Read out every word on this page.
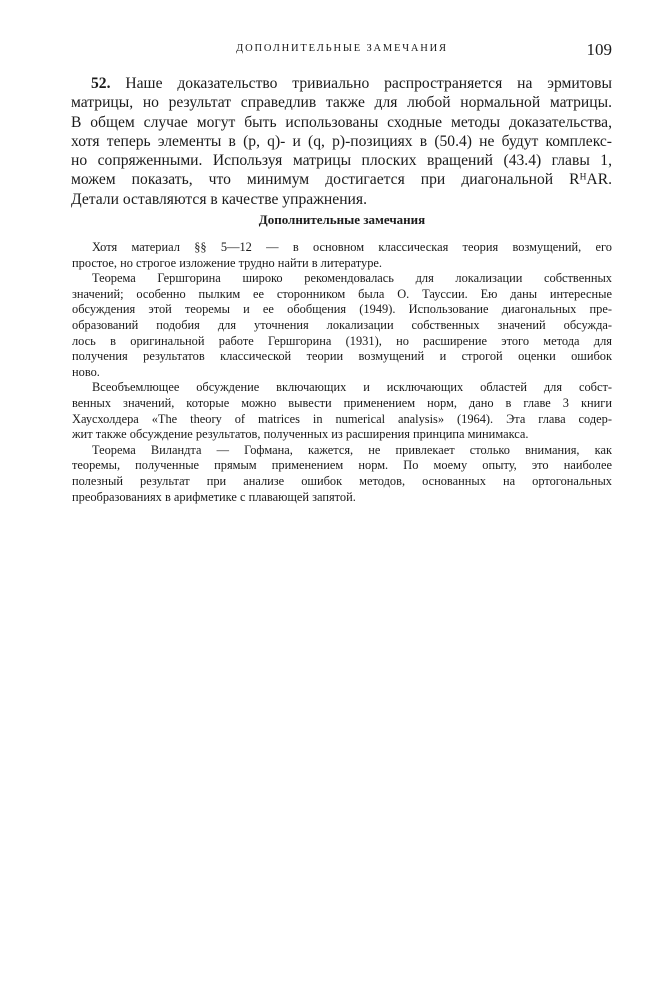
ДОПОЛНИТЕЛЬНЫЕ ЗАМЕЧАНИЯ	109
52. Наше доказательство тривиально распространяется на эрмитовы
матрицы, но результат справедлив также для любой нормальной матрицы.
В общем случае могут быть использованы сходные методы доказательства,
хотя теперь элементы в (p, q)- и (q, p)-позициях в (50.4) не будут комплекс-
но сопряженными. Используя матрицы плоских вращений (43.4) главы 1,
можем показать, что минимум достигается при диагональной RᴴAR.
Детали оставляются в качестве упражнения.
Дополнительные замечания
Хотя материал §§ 5—12 — в основном классическая теория возмущений, его
простое, но строгое изложение трудно найти в литературе.
Теорема Гершгорина широко рекомендовалась для локализации собственных
значений; особенно пылким ее сторонником была О. Тауссии. Ею даны интересные
обсуждения этой теоремы и ее обобщения (1949). Использование диагональных пре-
образований подобия для уточнения локализации собственных значений обсужда-
лось в оригинальной работе Гершгорина (1931), но расширение этого метода для
получения результатов классической теории возмущений и строгой оценки ошибок
ново.
Всеобъемлющее обсуждение включающих и исключающих областей для собст-
венных значений, которые можно вывести применением норм, дано в главе 3 книги
Хаусхолдера «The theory of matrices in numerical analysis» (1964). Эта глава содер-
жит также обсуждение результатов, полученных из расширения принципа минимакса.
Теорема Виландта — Гофмана, кажется, не привлекает столько внимания, как
теоремы, полученные прямым применением норм. По моему опыту, это наиболее
полезный результат при анализе ошибок методов, основанных на ортогональных
преобразованиях в арифметике с плавающей запятой.
